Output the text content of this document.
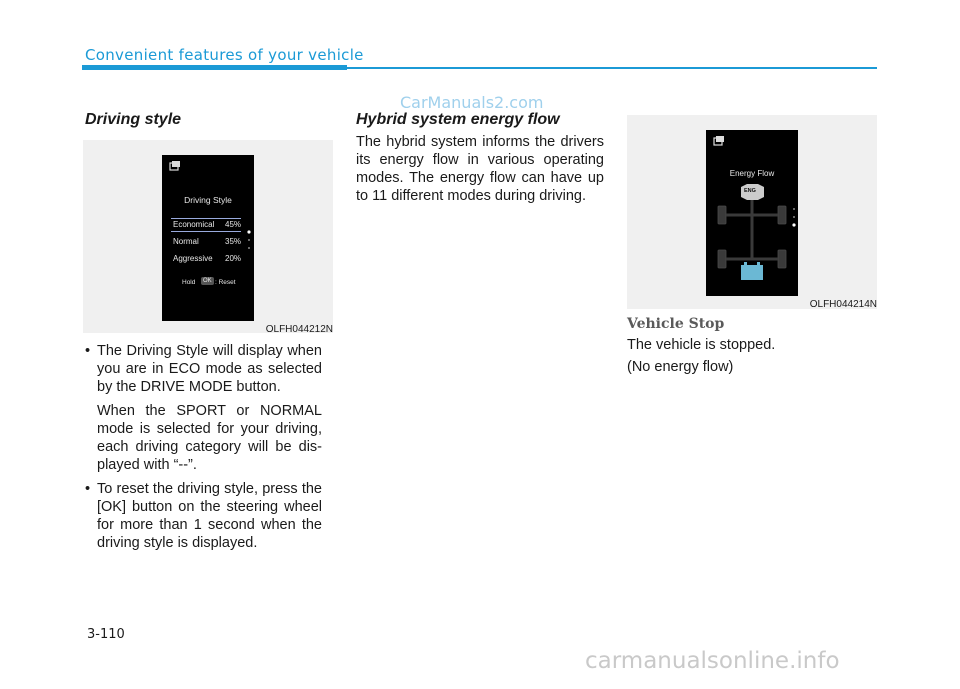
Convenient features of your vehicle
CarManuals2.com
Driving style
Driving Style
Economical 45%
Normal	35%
Aggressive 20%
Hold	OK : Reset
OLFH044212N

• The Driving Style will display when you are in ECO mode as selected by the DRIVE MODE button.

When the SPORT or NORMAL mode is selected for your driving, each driving category will be dis-played with “--”.

• To reset the driving style, press the [OK] button on the steering wheel for more than 1 second when the driving style is displayed.

Hybrid system energy flow
The hybrid system informs the drivers its energy flow in various operating modes. The energy flow can have up to 11 different modes during driving.
Energy Flow
ENG
OLFH044214N
Vehicle Stop
The vehicle is stopped.
(No energy flow)
3-110
carmanualsonline.info
